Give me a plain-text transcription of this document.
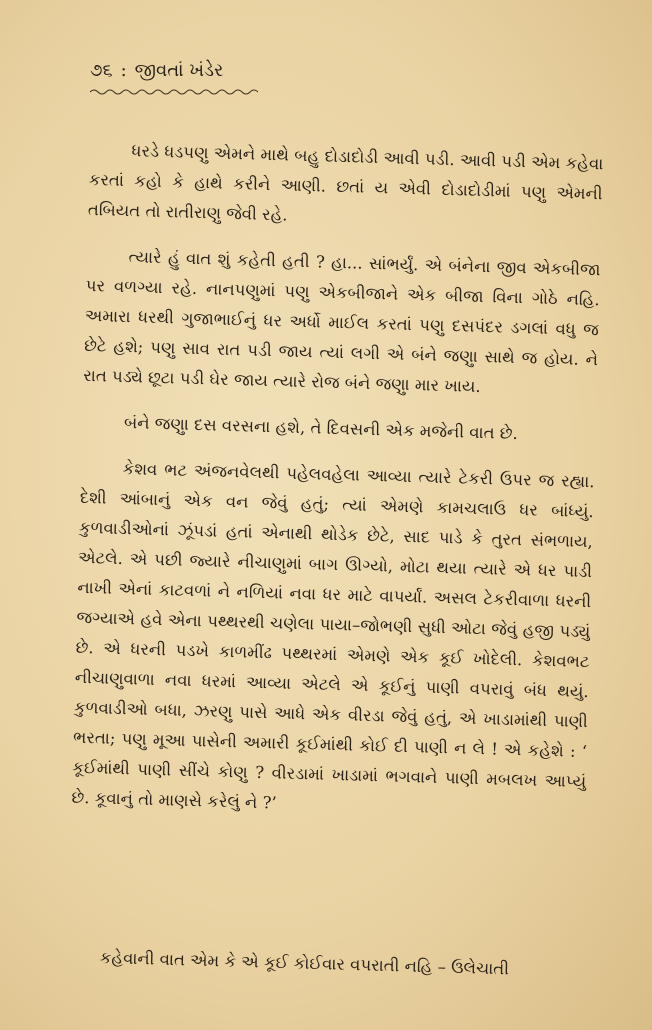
૭૬ : જીવતાં ખંડેર

ધરડે ધડપણુ એમને માથે બહુ દોડાદોડી આવી પડી. આવી પડી એમ કહેવા કરતાં કહો કે હાથે કરીને આણી. છતાં ય એવી દોડાદોડીમાં પણુ એમની તબિયત તો રાતીરાણુ જેવી રહે.

ત્યારે હું વાત શું કહેતી હતી ? હા... સાંભર્યું. એ બંનેના જીવ એકબીજા પર વળગ્યા રહે. નાનપણુમાં પણુ એકબીજાને એક બીજા વિના ગોઠે નહિ. અમારા ધરથી ગુજાભાઈનું ધર અર્ધો માઈલ કરતાં પણુ દસપંદર ડગલાં વધુ જ છેટે હશે; પણુ સાવ રાત પડી જાય ત્યાં લગી એ બંને જણુા સાથે જ હોય. ને રાત પડ્યે છૂટા પડી ઘેર જાય ત્યારે રોજ બંને જણુા માર ખાય.

બંને જણુા દસ વરસના હશે, તે દિવસની એક મજેની વાત છે.

કેશવ ભટ અંજનવેલથી પહેલવહેલા આવ્યા ત્યારે ટેકરી ઉપર જ રહ્યા. દેશી આંબાનું એક વન જેવું હતું; ત્યાં એમણે કામચલાઉ ધર બાંધ્યું. કુળવાડીઓનાં ઝૂંપડાં હતાં એનાથી થોડેક છેટે, સાદ પાડે કે તુરત સંભળાય, એટલે. એ પછી જ્યારે નીચાણુમાં બાગ ઊગ્યો, મોટા થયા ત્યારે એ ધર પાડી નાખી એનાં કાટવળાં ને નળિયાં નવા ધર માટે વાપર્યાં. અસલ ટેકરીવાળા ધરની જગ્યાએ હવે એના પથ્થરથી ચણેલા પાયા–જોભણી સુધી ઓટા જેવું હજી પડ્યું છે. એ ધરની પડખે કાળમીંઢ પથ્થરમાં એમણે એક કૂઈ ખોદેલી. કેશવભટ નીચાણુવાળા નવા ધરમાં આવ્યા એટલે એ કૂઈનું પાણી વપરાવું બંધ થયું. કુળવાડીઓ બધા, ઝરણુ પાસે આધે એક વીરડા જેવું હતું, એ ખાડામાંથી પાણી ભરતા; પણુ મૂઆ પાસેની અમારી કૂઈમાંથી કોઈ દી પાણી ન લે ! એ કહેશે : ‘ કૂઈમાંથી પાણી સીંચે કોણુ ? વીરડામાં ખાડામાં ભગવાને પાણી મબલખ આપ્યું છે. કૂવાનું તો માણસે કરેલું ને ?’

કહેવાની વાત એમ કે એ કૂઈ કોઈવાર વપરાતી નહિ – ઉલેચાતી
